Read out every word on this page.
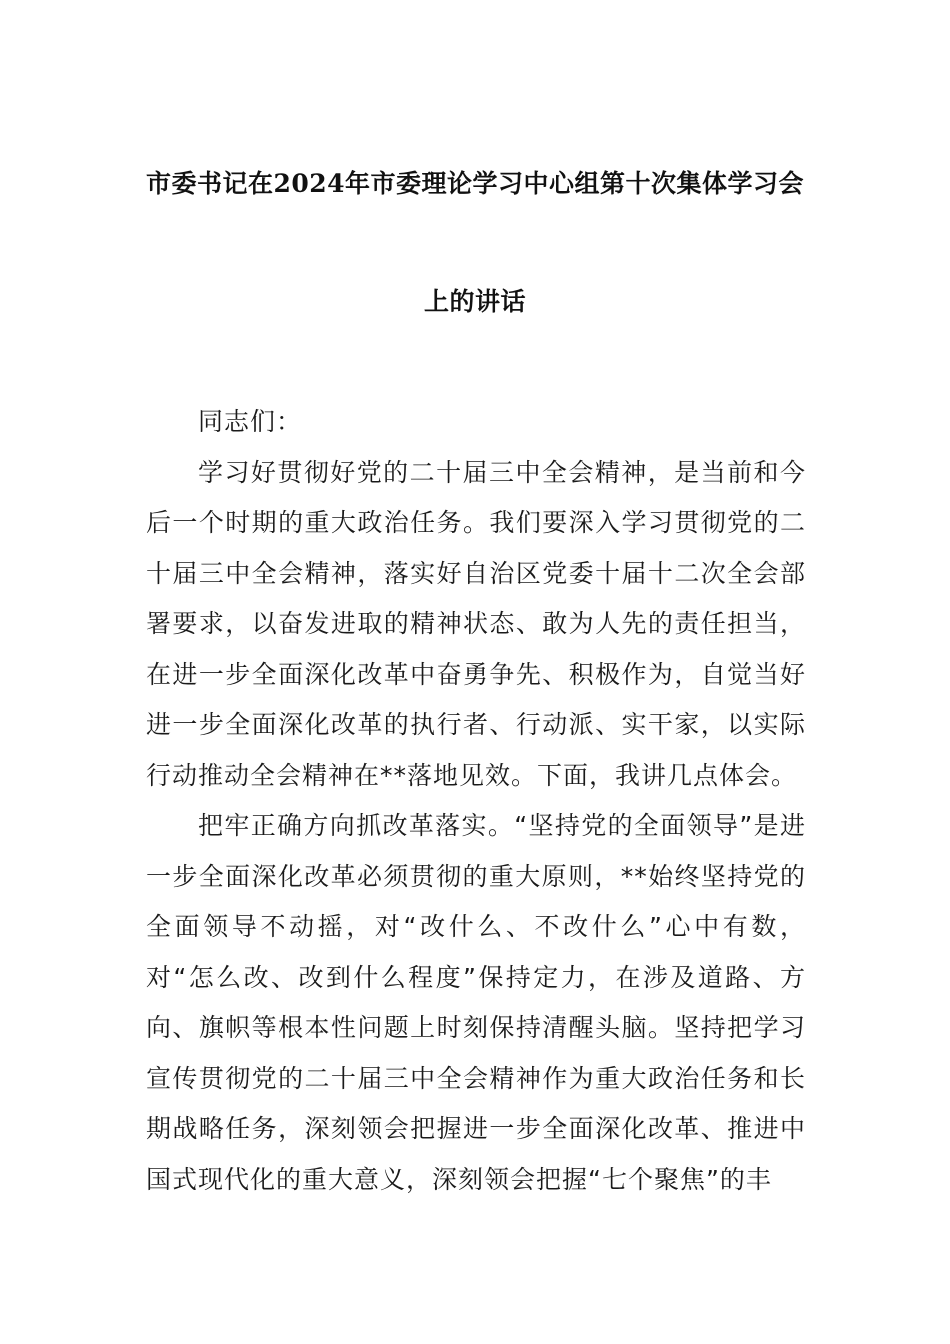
市委书记在2024年市委理论学习中心组第十次集体学习会
上的讲话
同志们：

学习好贯彻好党的二十届三中全会精神，是当前和今后一个时期的重大政治任务。我们要深入学习贯彻党的二十届三中全会精神，落实好自治区党委十届十二次全会部署要求，以奋发进取的精神状态、敢为人先的责任担当，在进一步全面深化改革中奋勇争先、积极作为，自觉当好进一步全面深化改革的执行者、行动派、实干家，以实际行动推动全会精神在**落地见效。下面，我讲几点体会。

把牢正确方向抓改革落实。“坚持党的全面领导”是进一步全面深化改革必须贯彻的重大原则，**始终坚持党的全面领导不动摇，对“改什么、不改什么”心中有数，对“怎么改、改到什么程度”保持定力，在涉及道路、方向、旗帜等根本性问题上时刻保持清醒头脑。坚持把学习宣传贯彻党的二十届三中全会精神作为重大政治任务和长期战略任务，深刻领会把握进一步全面深化改革、推进中国式现代化的重大意义，深刻领会把握“七个聚焦”的丰
